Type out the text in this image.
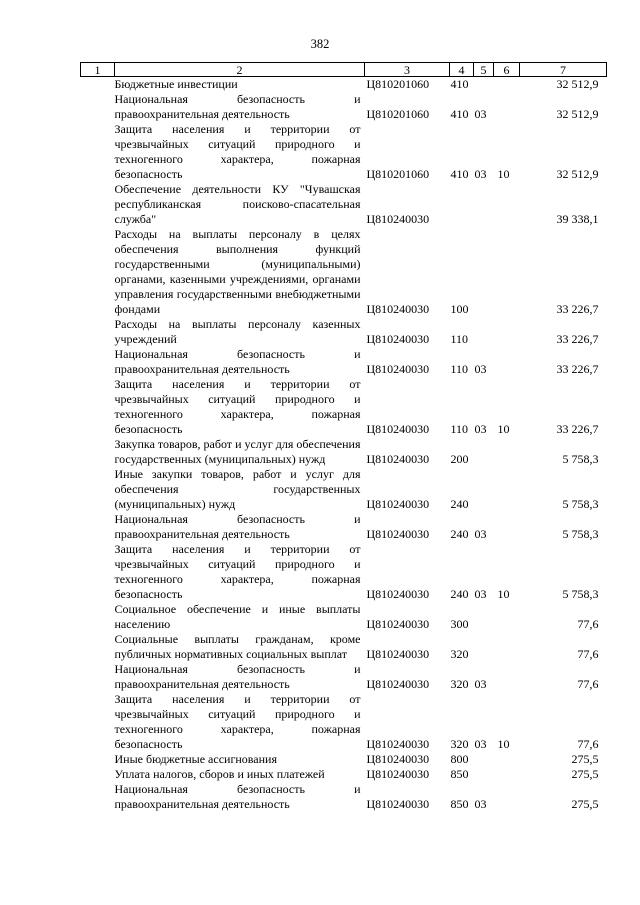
382
1	2	3	4	5	6	7
	Бюджетные инвестиции	Ц810201060	410			32 512,9
	Национальная безопасность и правоохранительная деятельность	Ц810201060	410	03		32 512,9
	Защита населения и территории от чрезвычайных ситуаций природного и техногенного характера, пожарная безопасность	Ц810201060	410	03	10	32 512,9
	Обеспечение деятельности КУ "Чувашская республиканская поисково-спасательная служба"	Ц810240030				39 338,1
	Расходы на выплаты персоналу в целях обеспечения выполнения функций государственными (муниципальными) органами, казенными учреждениями, органами управления государственными внебюджетными фондами	Ц810240030	100			33 226,7
	Расходы на выплаты персоналу казенных учреждений	Ц810240030	110			33 226,7
	Национальная безопасность и правоохранительная деятельность	Ц810240030	110	03		33 226,7
	Защита населения и территории от чрезвычайных ситуаций природного и техногенного характера, пожарная безопасность	Ц810240030	110	03	10	33 226,7
	Закупка товаров, работ и услуг для обеспечения государственных (муниципальных) нужд	Ц810240030	200			5 758,3
	Иные закупки товаров, работ и услуг для обеспечения государственных (муниципальных) нужд	Ц810240030	240			5 758,3
	Национальная безопасность и правоохранительная деятельность	Ц810240030	240	03		5 758,3
	Защита населения и территории от чрезвычайных ситуаций природного и техногенного характера, пожарная безопасность	Ц810240030	240	03	10	5 758,3
	Социальное обеспечение и иные выплаты населению	Ц810240030	300			77,6
	Социальные выплаты гражданам, кроме публичных нормативных социальных выплат	Ц810240030	320			77,6
	Национальная безопасность и правоохранительная деятельность	Ц810240030	320	03		77,6
	Защита населения и территории от чрезвычайных ситуаций природного и техногенного характера, пожарная безопасность	Ц810240030	320	03	10	77,6
	Иные бюджетные ассигнования	Ц810240030	800			275,5
	Уплата налогов, сборов и иных платежей	Ц810240030	850			275,5
	Национальная безопасность и правоохранительная деятельность	Ц810240030	850	03		275,5
